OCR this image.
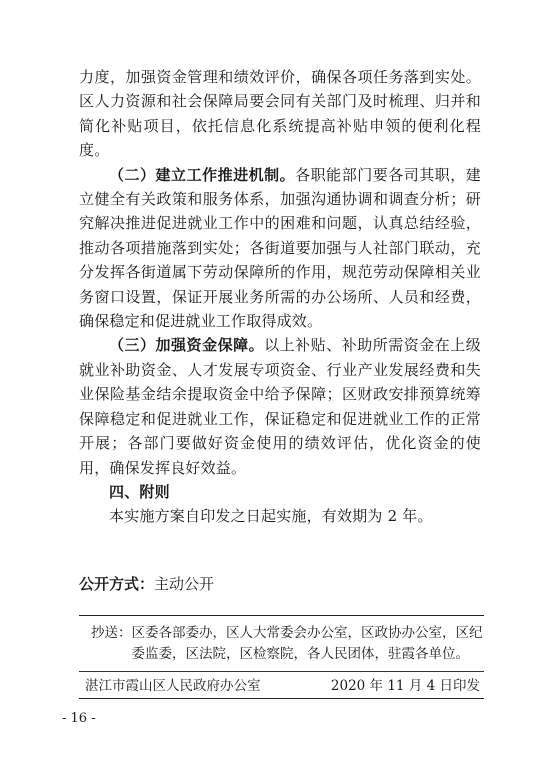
力度，加强资金管理和绩效评价，确保各项任务落到实处。区人力资源和社会保障局要会同有关部门及时梳理、归并和简化补贴项目，依托信息化系统提高补贴申领的便利化程度。

（二）建立工作推进机制。各职能部门要各司其职，建立健全有关政策和服务体系，加强沟通协调和调查分析；研究解决推进促进就业工作中的困难和问题，认真总结经验，推动各项措施落到实处；各街道要加强与人社部门联动，充分发挥各街道属下劳动保障所的作用，规范劳动保障相关业务窗口设置，保证开展业务所需的办公场所、人员和经费，确保稳定和促进就业工作取得成效。

（三）加强资金保障。以上补贴、补助所需资金在上级就业补助资金、人才发展专项资金、行业产业发展经费和失业保险基金结余提取资金中给予保障；区财政安排预算统筹保障稳定和促进就业工作，保证稳定和促进就业工作的正常开展；各部门要做好资金使用的绩效评估，优化资金的使用，确保发挥良好效益。

四、附则

本实施方案自印发之日起实施，有效期为 2 年。

公开方式：主动公开
抄送： 区委各部委办，区人大常委会办公室，区政协办公室，区纪委监委，区法院，区检察院，各人民团体，驻霞各单位。
湛江市霞山区人民政府办公室	2020 年 11 月 4 日印发
- 16 -
